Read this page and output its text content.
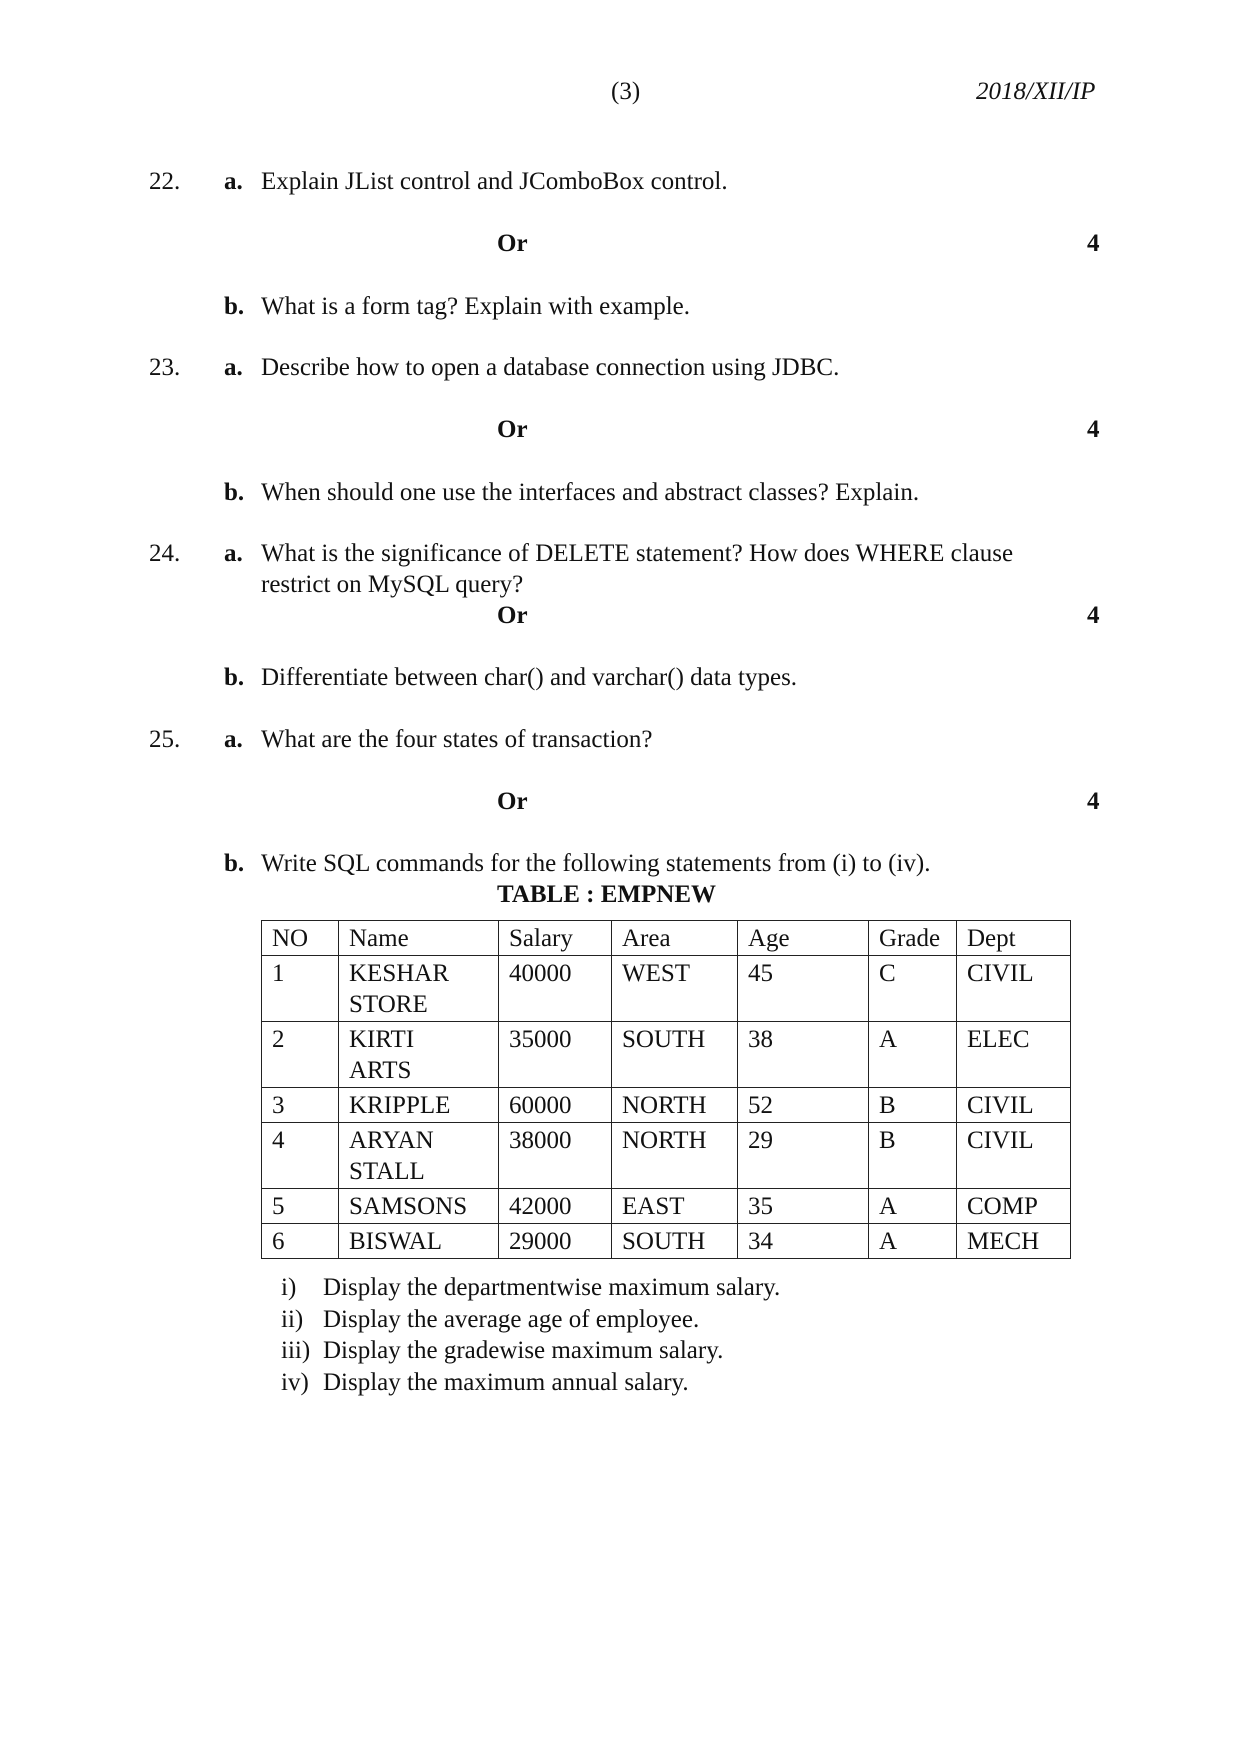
(3)	2018/XII/IP
22. a. Explain JList control and JComboBox control.
Or	4
b. What is a form tag? Explain with example.
23. a. Describe how to open a database connection using JDBC.
Or	4
b. When should one use the interfaces and abstract classes? Explain.
24. a. What is the significance of DELETE statement? How does WHERE clause
restrict on MySQL query?
Or	4
b. Differentiate between char() and varchar() data types.
25. a. What are the four states of transaction?
Or	4
b. Write SQL commands for the following statements from (i) to (iv).
TABLE : EMPNEW
NO	Name	Salary	Area	Age	Grade	Dept
1	KESHAR
STORE	40000	WEST	45	C	CIVIL
2	KIRTI
ARTS	35000	SOUTH	38	A	ELEC
3	KRIPPLE	60000	NORTH	52	B	CIVIL
4	ARYAN
STALL	38000	NORTH	29	B	CIVIL
5	SAMSONS	42000	EAST	35	A	COMP
6	BISWAL	29000	SOUTH	34	A	MECH
i)	Display the departmentwise maximum salary.
ii) Display the average age of employee.
iii) Display the gradewise maximum salary.
iv) Display the maximum annual salary.
